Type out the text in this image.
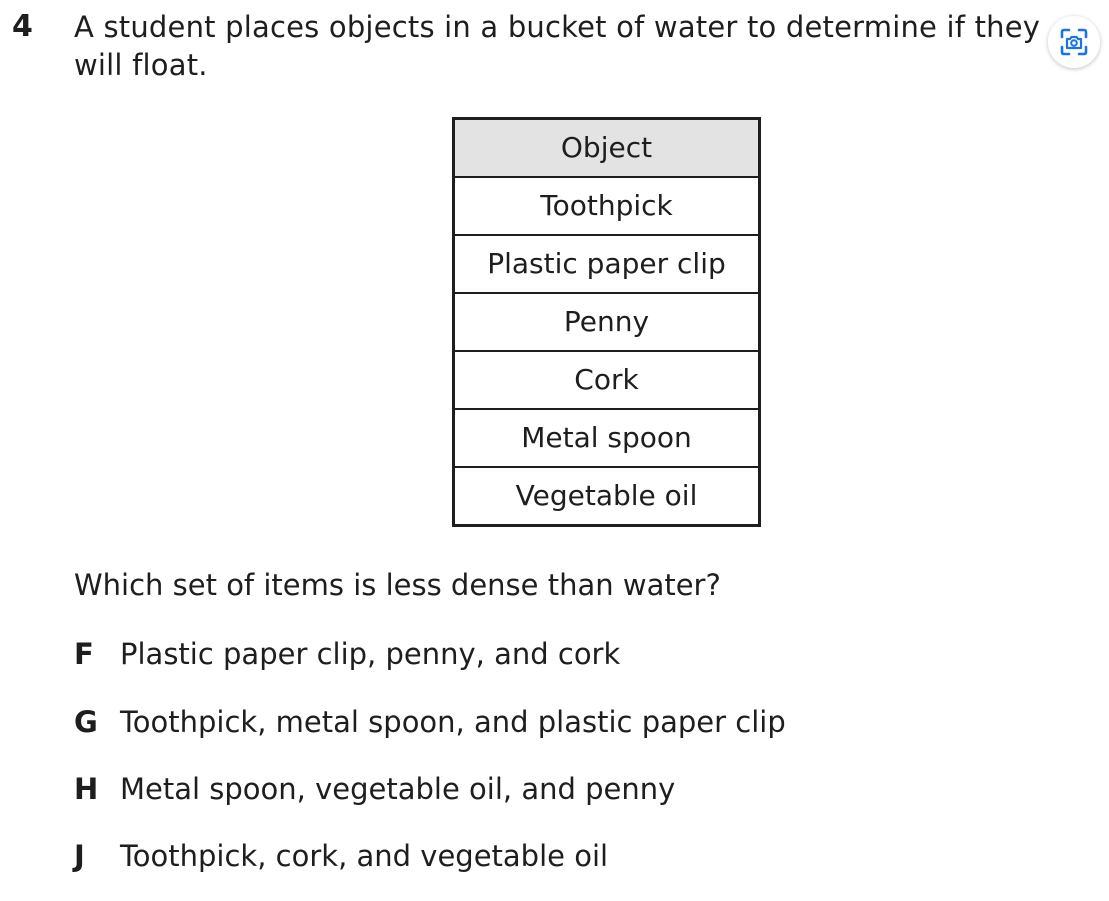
4 A student places objects in a bucket of water to determine if they will float.
Object
Toothpick
Plastic paper clip
Penny
Cork
Metal spoon
Vegetable oil
Which set of items is less dense than water?
F Plastic paper clip, penny, and cork
G Toothpick, metal spoon, and plastic paper clip
H Metal spoon, vegetable oil, and penny
J Toothpick, cork, and vegetable oil
